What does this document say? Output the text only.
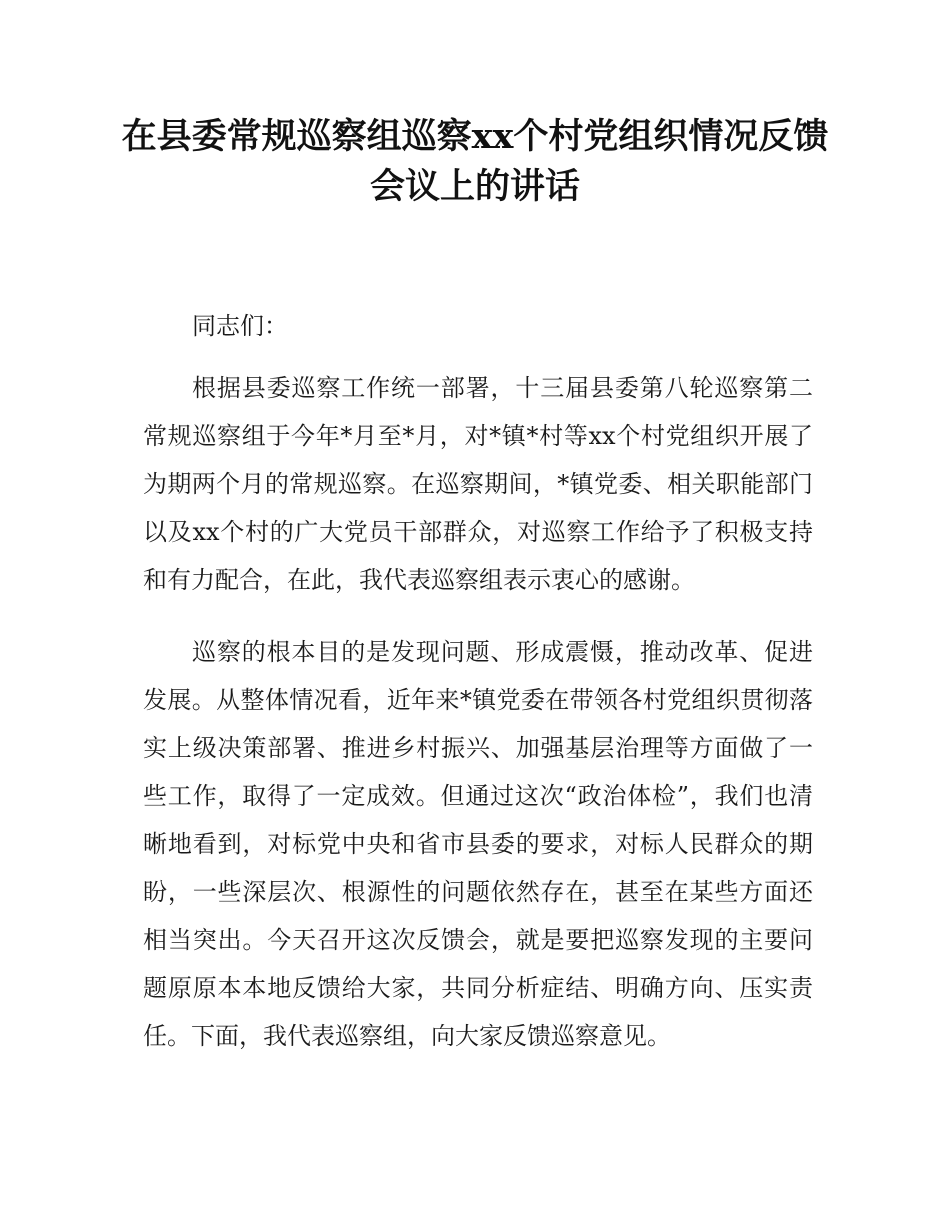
在县委常规巡察组巡察xx个村党组织情况反馈会议上的讲话

同志们：

根据县委巡察工作统一部署，十三届县委第八轮巡察第二常规巡察组于今年*月至*月，对*镇*村等xx个村党组织开展了为期两个月的常规巡察。在巡察期间，*镇党委、相关职能部门以及xx个村的广大党员干部群众，对巡察工作给予了积极支持和有力配合，在此，我代表巡察组表示衷心的感谢。

巡察的根本目的是发现问题、形成震慑，推动改革、促进发展。从整体情况看，近年来*镇党委在带领各村党组织贯彻落实上级决策部署、推进乡村振兴、加强基层治理等方面做了一些工作，取得了一定成效。但通过这次“政治体检”，我们也清晰地看到，对标党中央和省市县委的要求，对标人民群众的期盼，一些深层次、根源性的问题依然存在，甚至在某些方面还相当突出。今天召开这次反馈会，就是要把巡察发现的主要问题原原本本地反馈给大家，共同分析症结、明确方向、压实责任。下面，我代表巡察组，向大家反馈巡察意见。
